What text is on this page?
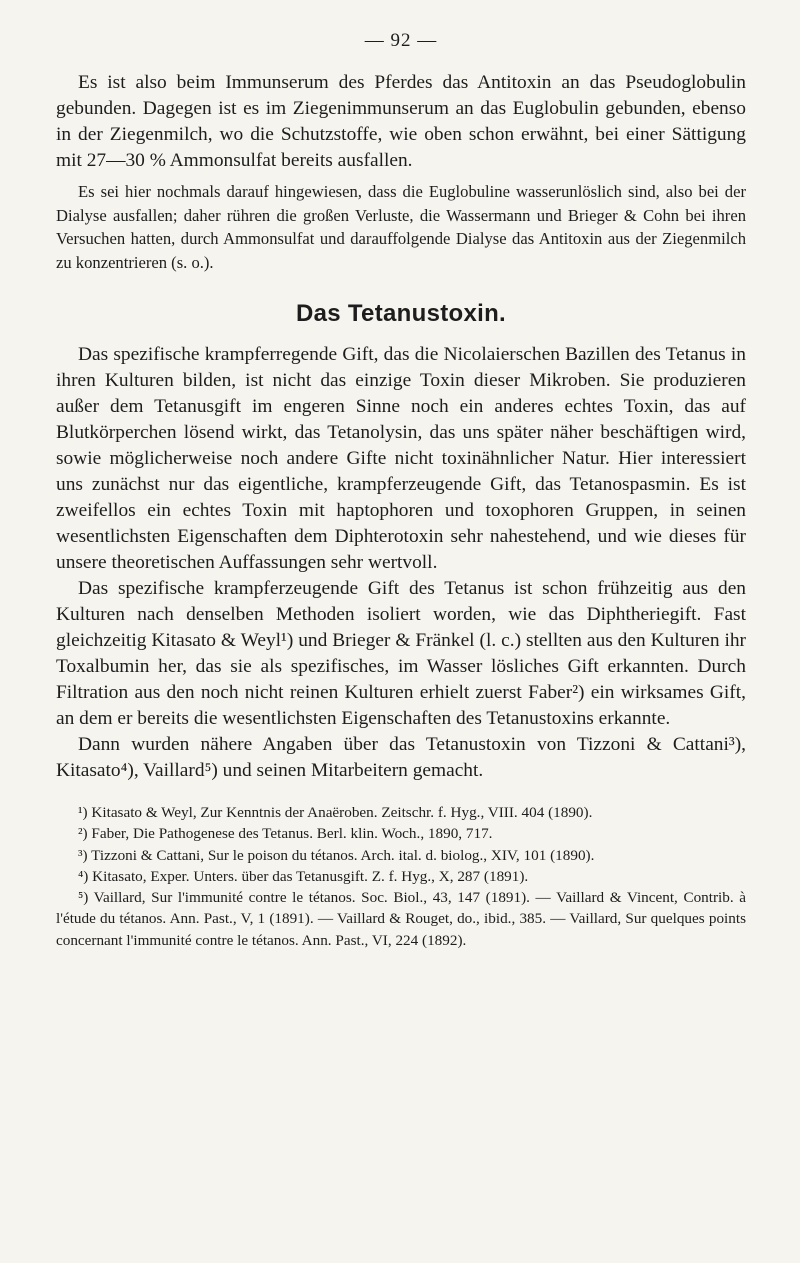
— 92 —

Es ist also beim Immunserum des Pferdes das Antitoxin an das Pseudoglobulin gebunden. Dagegen ist es im Ziegenimmunserum an das Euglobulin gebunden, ebenso in der Ziegenmilch, wo die Schutzstoffe, wie oben schon erwähnt, bei einer Sättigung mit 27—30 % Ammonsulfat bereits ausfallen.

Es sei hier nochmals darauf hingewiesen, dass die Euglobuline wasserunlöslich sind, also bei der Dialyse ausfallen; daher rühren die großen Verluste, die Wassermann und Brieger & Cohn bei ihren Versuchen hatten, durch Ammonsulfat und darauffolgende Dialyse das Antitoxin aus der Ziegenmilch zu konzentrieren (s. o.).

Das Tetanustoxin.

Das spezifische krampferregende Gift, das die Nicolaierschen Bazillen des Tetanus in ihren Kulturen bilden, ist nicht das einzige Toxin dieser Mikroben. Sie produzieren außer dem Tetanusgift im engeren Sinne noch ein anderes echtes Toxin, das auf Blutkörperchen lösend wirkt, das Tetanolysin, das uns später näher beschäftigen wird, sowie möglicherweise noch andere Gifte nicht toxinähnlicher Natur. Hier interessiert uns zunächst nur das eigentliche, krampferzeugende Gift, das Tetanospasmin. Es ist zweifellos ein echtes Toxin mit haptophoren und toxophoren Gruppen, in seinen wesentlichsten Eigenschaften dem Diphterotoxin sehr nahestehend, und wie dieses für unsere theoretischen Auffassungen sehr wertvoll.

Das spezifische krampferzeugende Gift des Tetanus ist schon frühzeitig aus den Kulturen nach denselben Methoden isoliert worden, wie das Diphtheriegift. Fast gleichzeitig Kitasato & Weyl¹) und Brieger & Fränkel (l. c.) stellten aus den Kulturen ihr Toxalbumin her, das sie als spezifisches, im Wasser lösliches Gift erkannten. Durch Filtration aus den noch nicht reinen Kulturen erhielt zuerst Faber²) ein wirksames Gift, an dem er bereits die wesentlichsten Eigenschaften des Tetanustoxins erkannte.

Dann wurden nähere Angaben über das Tetanustoxin von Tizzoni & Cattani³), Kitasato⁴), Vaillard⁵) und seinen Mitarbeitern gemacht.

¹) Kitasato & Weyl, Zur Kenntnis der Anaëroben. Zeitschr. f. Hyg., VIII. 404 (1890).

²) Faber, Die Pathogenese des Tetanus. Berl. klin. Woch., 1890, 717.

³) Tizzoni & Cattani, Sur le poison du tétanos. Arch. ital. d. biolog., XIV, 101 (1890).

⁴) Kitasato, Exper. Unters. über das Tetanusgift. Z. f. Hyg., X, 287 (1891).

⁵) Vaillard, Sur l'immunité contre le tétanos. Soc. Biol., 43, 147 (1891). — Vaillard & Vincent, Contrib. à l'étude du tétanos. Ann. Past., V, 1 (1891). — Vaillard & Rouget, do., ibid., 385. — Vaillard, Sur quelques points concernant l'immunité contre le tétanos. Ann. Past., VI, 224 (1892).
